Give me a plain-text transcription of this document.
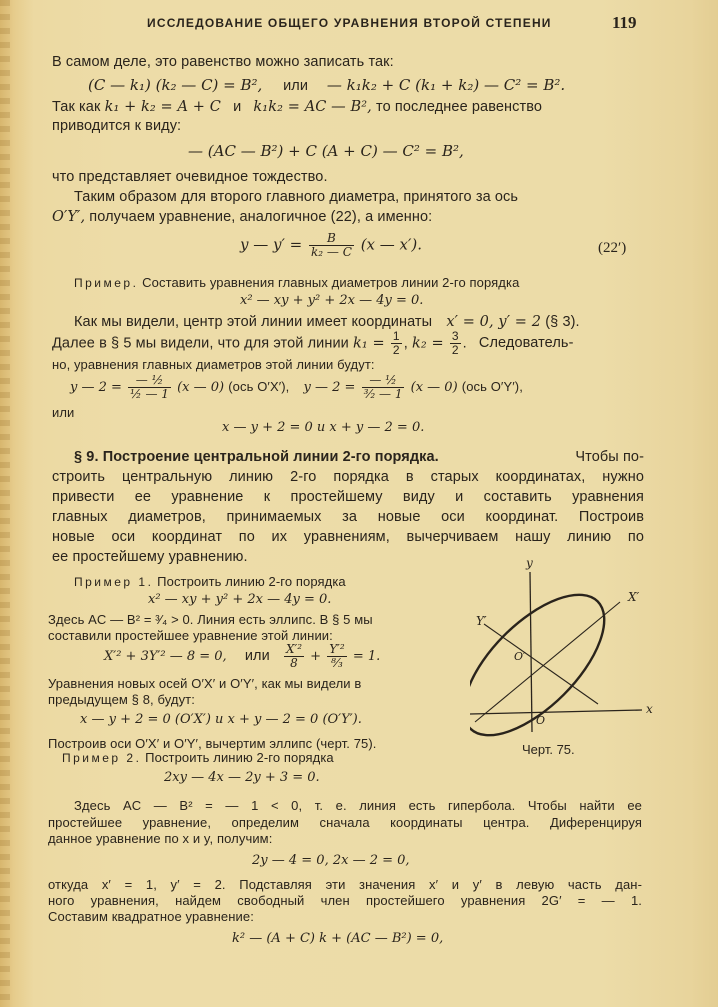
ИССЛЕДОВАНИЕ ОБЩЕГО УРАВНЕНИЯ ВТОРОЙ СТЕПЕНИ	119
В самом деле, это равенство можно записать так:
(C — k₁) (k₂ — C) = B², или — k₁k₂ + C (k₁ + k₂) — C² = B².
Так как k₁ + k₂ = A + C и k₁k₂ = AC — B², то последнее равенство
приводится к виду:
— (AC — B²) + C (A + C) — C² = B²,
что представляет очевидное тождество.
Таким образом для второго главного диаметра, принятого за ось
O′Y′, получаем уравнение, аналогичное (22), а именно:
y — $y' = \frac{B}{\text{k₂ — C}} (x$ — x′).	(22′)
Пример. Составить уравнения главных диаметров линии 2-го порядка
x² — xy + y² + 2x — 4y = 0.
Как мы видели, центр этой линии имеет координаты x′ = 0, y′ = 2 (§ 3).
Далее в § 5 мы видели, что для этой линии $k_1 = \frac{1}{2}$ , $k_2 = \frac{3}{2}$ . Следователь-
но, уравнения главных диаметров этой линии будут:
y — $2 = \frac{\text{— ½}}{\text{½ — 1}} (x$ — 0) (ось O′X′), y — $2 = \frac{\text{— ½}}{\text{³⁄₂ — 1}} (x$ — 0) (ось O′Y′),
или
x — y + 2 = 0 и x + y — 2 = 0.
§ 9. Построение центральной линии 2-го порядка.	Чтобы по-
строить центральную линию 2-го порядка в старых координатах, нужно
привести ее уравнение к простейшему виду и составить уравнения
главных диаметров, принимаемых за новые оси координат. Построив
новые оси координат по их уравнениям, вычерчиваем нашу линию по
ее простейшему уравнению.
Пример 1. Построить линию 2-го порядка
x² — xy + y² + 2x — 4y = 0.
Здесь AC — B² = ³⁄₄ > 0. Линия есть эллипс. В § 5 мы
составили простейшее уравнение этой линии:
X′² + 3Y′² — 8 = 0, или $\frac{\text{X′²}}{8} + \frac{\text{Y′²}}{\text{⁸⁄₃}} = 1$.
Уравнения новых осей O′X′ и O′Y′, как мы видели в
предыдущем § 8, будут:
x — y + 2 = 0 (O′X′) и x + y — 2 = 0 (O′Y′).
Построив оси O′X′ и O′Y′, вычертим эллипс (черт. 75).
Пример 2. Построить линию 2-го порядка
2xy — 4x — 2y + 3 = 0.
y
x
X′
Y′
O′
O
Черт. 75.
Здесь AC — B² = — 1 < 0, т. е. линия есть гипербола. Чтобы найти ее
простейшее уравнение, определим сначала координаты центра. Диференцируя
данное уравнение по x и y, получим:
2y — 4 = 0, 2x — 2 = 0,
откуда x′ = 1, y′ = 2. Подставляя эти значения x′ и y′ в левую часть дан-
ного уравнения, найдем свободный член простейшего уравнения 2G′ = — 1.
Составим квадратное уравнение:
k² — (A + C) k + (AC — B²) = 0,
